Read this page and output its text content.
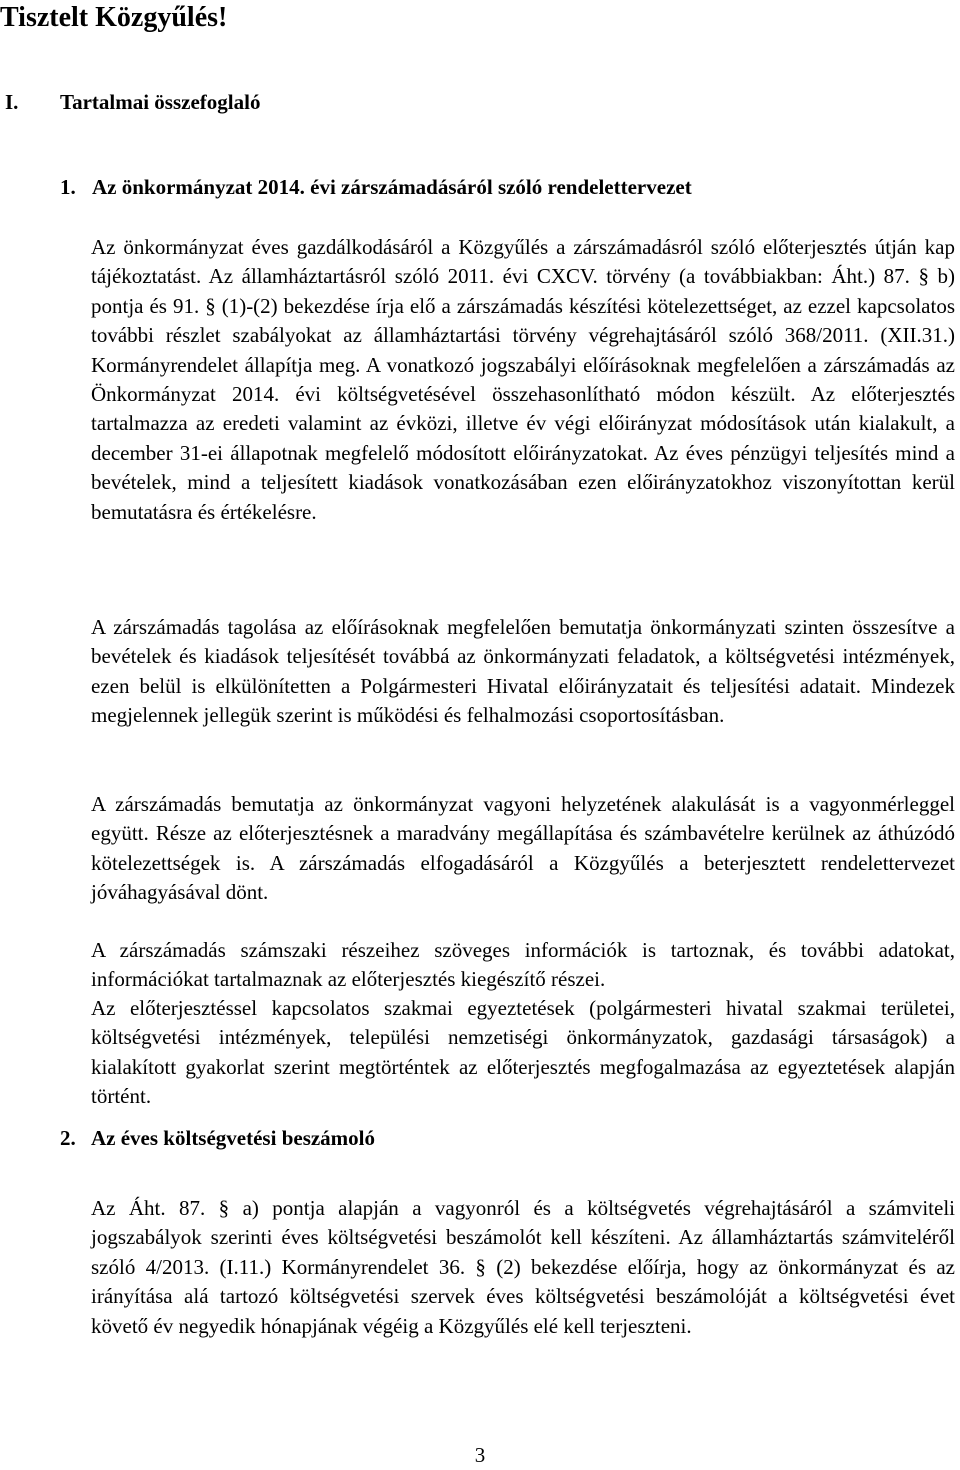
Tisztelt Közgyűlés!
I. Tartalmai összefoglaló
1. Az önkormányzat 2014. évi zárszámadásáról szóló rendelettervezet

Az önkormányzat éves gazdálkodásáról a Közgyűlés a zárszámadásról szóló előterjesztés útján kap tájékoztatást. Az államháztartásról szóló 2011. évi CXCV. törvény (a továbbiakban: Áht.) 87. § b) pontja és 91. § (1)-(2) bekezdése írja elő a zárszámadás készítési kötelezettséget, az ezzel kapcsolatos további részlet szabályokat az államháztartási törvény végrehajtásáról szóló 368/2011. (XII.31.) Kormányrendelet állapítja meg. A vonatkozó jogszabályi előírásoknak megfelelően a zárszámadás az Önkormányzat 2014. évi költségvetésével összehasonlítható módon készült. Az előterjesztés tartalmazza az eredeti valamint az évközi, illetve év végi előirányzat módosítások után kialakult, a december 31-ei állapotnak megfelelő módosított előirányzatokat. Az éves pénzügyi teljesítés mind a bevételek, mind a teljesített kiadások vonatkozásában ezen előirányzatokhoz viszonyítottan kerül bemutatásra és értékelésre.

A zárszámadás tagolása az előírásoknak megfelelően bemutatja önkormányzati szinten összesítve a bevételek és kiadások teljesítését továbbá az önkormányzati feladatok, a költségvetési intézmények, ezen belül is elkülönítetten a Polgármesteri Hivatal előirányzatait és teljesítési adatait. Mindezek megjelennek jellegük szerint is működési és felhalmozási csoportosításban.

A zárszámadás bemutatja az önkormányzat vagyoni helyzetének alakulását is a vagyonmérleggel együtt. Része az előterjesztésnek a maradvány megállapítása és számbavételre kerülnek az áthúzódó kötelezettségek is. A zárszámadás elfogadásáról a Közgyűlés a beterjesztett rendelettervezet jóváhagyásával dönt.

A zárszámadás számszaki részeihez szöveges információk is tartoznak, és további adatokat, információkat tartalmaznak az előterjesztés kiegészítő részei.

Az előterjesztéssel kapcsolatos szakmai egyeztetések (polgármesteri hivatal szakmai területei, költségvetési intézmények, települési nemzetiségi önkormányzatok, gazdasági társaságok) a kialakított gyakorlat szerint megtörténtek az előterjesztés megfogalmazása az egyeztetések alapján történt.

2. Az éves költségvetési beszámoló

Az Áht. 87. § a) pontja alapján a vagyonról és a költségvetés végrehajtásáról a számviteli jogszabályok szerinti éves költségvetési beszámolót kell készíteni. Az államháztartás számviteléről szóló 4/2013. (I.11.) Kormányrendelet 36. § (2) bekezdése előírja, hogy az önkormányzat és az irányítása alá tartozó költségvetési szervek éves költségvetési beszámolóját a költségvetési évet követő év negyedik hónapjának végéig a Közgyűlés elé kell terjeszteni.

3
